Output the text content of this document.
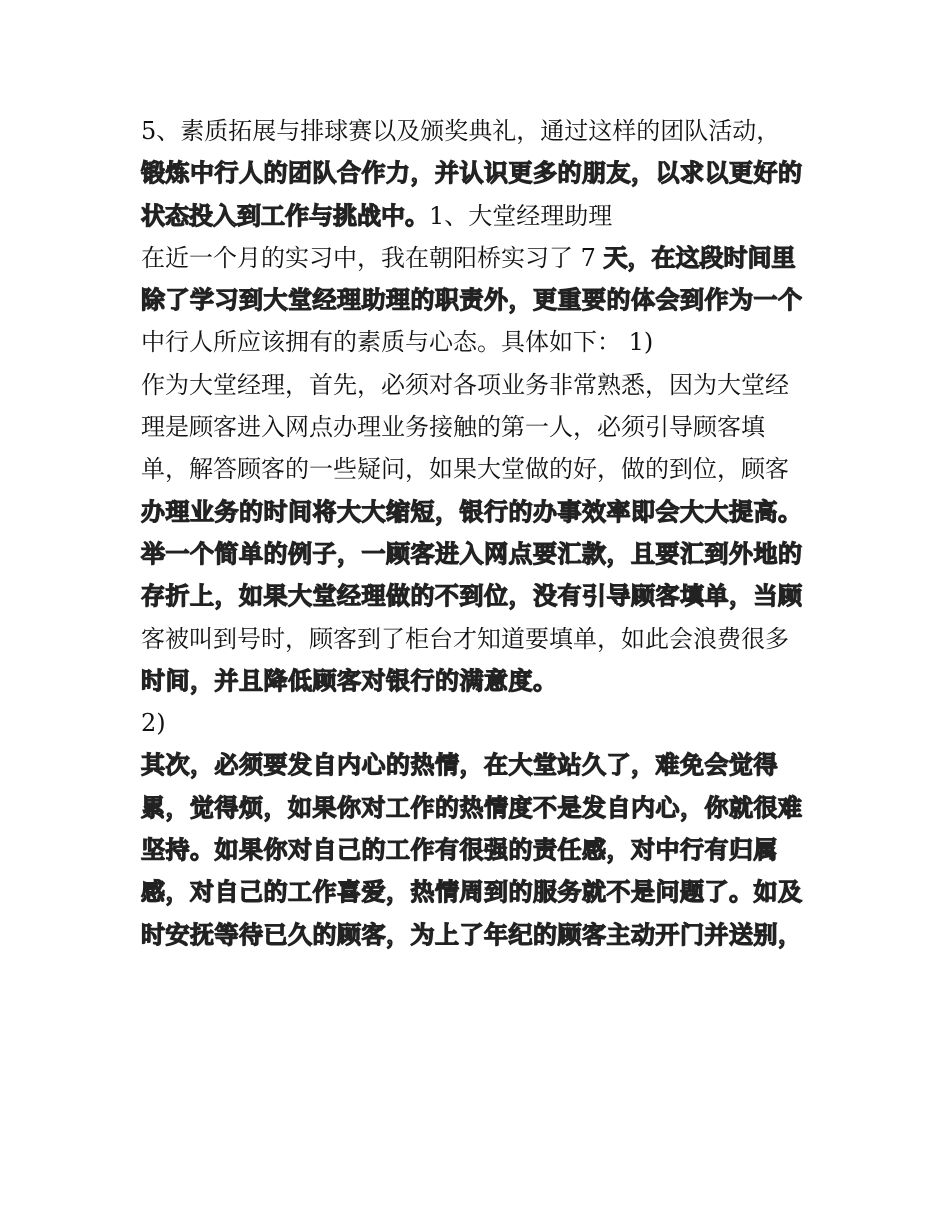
5、素质拓展与排球赛以及颁奖典礼，通过这样的团队活动，
锻炼中行人的团队合作力，并认识更多的朋友，以求以更好的
状态投入到工作与挑战中。1、大堂经理助理
在近一个月的实习中，我在朝阳桥实习了 7 天，在这段时间里
除了学习到大堂经理助理的职责外，更重要的体会到作为一个
中行人所应该拥有的素质与心态。具体如下： 1)
作为大堂经理，首先，必须对各项业务非常熟悉，因为大堂经
理是顾客进入网点办理业务接触的第一人，必须引导顾客填
单，解答顾客的一些疑问，如果大堂做的好，做的到位，顾客
办理业务的时间将大大缩短，银行的办事效率即会大大提高。
举一个简单的例子，一顾客进入网点要汇款，且要汇到外地的
存折上，如果大堂经理做的不到位，没有引导顾客填单，当顾
客被叫到号时，顾客到了柜台才知道要填单，如此会浪费很多
时间，并且降低顾客对银行的满意度。
2)
其次，必须要发自内心的热情，在大堂站久了，难免会觉得
累，觉得烦，如果你对工作的热情度不是发自内心，你就很难
坚持。如果你对自己的工作有很强的责任感，对中行有归属
感，对自己的工作喜爱，热情周到的服务就不是问题了。如及
时安抚等待已久的顾客，为上了年纪的顾客主动开门并送别，
